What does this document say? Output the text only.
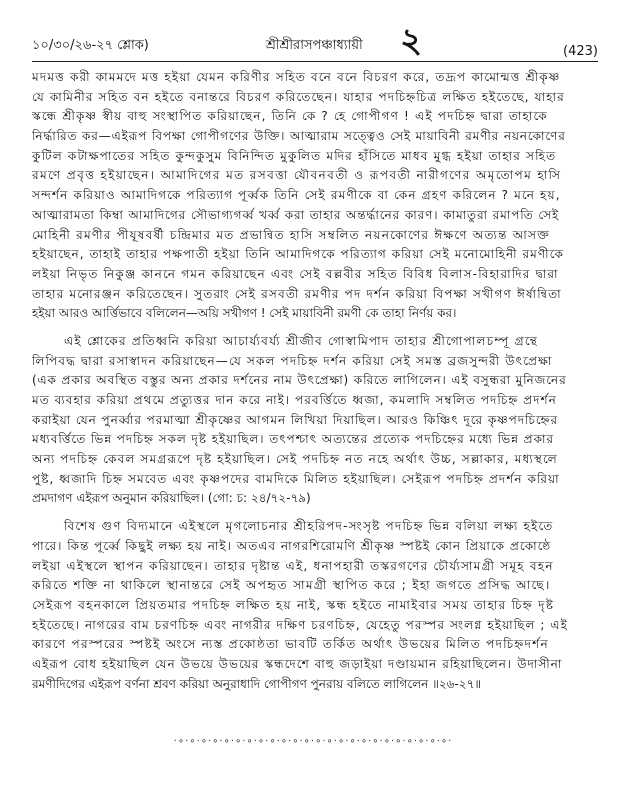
১০/৩০/২৬-২৭ শ্লোক)	শ্রীশ্রীরাসপঞ্চাধ্যায়ী ২	(423)
মদমত্ত করী কামমদে মত্ত হইয়া যেমন করিণীর সহিত বনে বনে বিচরণ করে, তদ্রূপ কামোন্মত্ত শ্রীকৃষ্ণ
যে কামিনীর সহিত বন হইতে বনান্তরে বিচরণ করিতেছেন। যাহার পদচিহ্নচিত্র লক্ষিত হইতেছে, যাহার
স্কন্ধে শ্রীকৃষ্ণ স্বীয় বাহু সংস্থাপিত করিয়াছেন, তিনি কে ? হে গোপীগণ ! এই পদচিহ্ন দ্বারা তাহাকে
নির্দ্ধারিত কর—এইরূপ বিপক্ষা গোপীগণের উক্তি। আত্মারাম সত্ত্বেও সেই মায়াবিনী রমণীর নয়নকোণের
কুটিল কটাক্ষপাতের সহিত কুন্দকুসুম বিনিন্দিত মুকুলিত মদির হাঁসিতে মাধব মুগ্ধ হইয়া তাহার সহিত
রমণে প্রবৃত্ত হইয়াছেন। আমাদিগের মত রসবত্তা যৌবনবতী ও রূপবতী নারীগণের অমৃতোপম হাসি
সন্দর্শন করিয়াও আমাদিগকে পরিত্যাগ পূর্ব্বক তিনি সেই রমণীকে বা কেন গ্রহণ করিলেন ? মনে হয়,
আত্মারামতা কিম্বা আমাদিগের সৌভাগ্যগর্ব্ব খর্ব্ব করা তাহার অন্তর্দ্ধানের কারণ। কামাতুরা রমাপতি সেই
মোহিনী রমণীর পীযূষবর্ষী চন্দ্রিমার মত প্রভান্বিত হাসি সম্বলিত নয়নকোণের ঈক্ষণে অত্যন্ত আসক্ত
হইয়াছেন, তাহাই তাহার পক্ষপাতী হইয়া তিনি আমাদিগকে পরিত্যাগ করিয়া সেই মনোমোহিনী রমণীকে
লইয়া নিভৃত নিকুঞ্জ কাননে গমন করিয়াছেন এবং সেই বল্লবীর সহিত বিবিধ বিলাস-বিহারাদির দ্বারা
তাহার মনোরঞ্জন করিতেছেন। সুতরাং সেই রসবতী রমণীর পদ দর্শন করিয়া বিপক্ষা সখীগণ ঈর্ষান্বিতা
হইয়া আরও আর্ত্তিভাবে বলিলেন—অয়ি সখীগণ ! সেই মায়াবিনী রমণী কে তাহা নির্ণয় কর।
এই শ্লোকের প্রতিধ্বনি করিয়া আচার্য্যবর্য্য শ্রীজীব গোস্বামিপাদ তাহার শ্রীগোপালচম্পূ গ্রন্থে
লিপিবদ্ধ দ্বারা রসাস্বাদন করিয়াছেন—যে সকল পদচিহ্ন দর্শন করিয়া সেই সমস্ত ব্রজসুন্দরী উৎপ্রেক্ষা
(এক প্রকার অবস্থিত বস্তুর অন্য প্রকার দর্শনের নাম উৎপ্রেক্ষা) করিতে লাগিলেন। এই বসুন্ধরা মুনিজনের
মত ব্যবহার করিয়া প্রথমে প্রত্যুত্তর দান করে নাই। পরবর্ত্তিতে ধ্বজা, কমলাদি সম্বলিত পদচিহ্ন প্রদর্শন
করাইয়া যেন পুনর্ব্বার পরমাত্মা শ্রীকৃষ্ণের আগমন লিখিয়া দিয়াছিল। আরও কিঞ্চিৎ দূরে কৃষ্ণপদচিহ্নের
মধ্যবর্ত্তিতে ভিন্ন পদচিহ্ন সকল দৃষ্ট হইয়াছিল। তৎপশ্চাৎ অত্যন্তের প্রত্যেক পদচিহ্নের মধ্যে ভিন্ন প্রকার
অন্য পদচিহ্ন কেবল সমগ্ররূপে দৃষ্ট হইয়াছিল। সেই পদচিহ্ন নত নহে অর্থাৎ উচ্চ, সল্লাকার, মধ্যস্থলে
পুষ্ট, ধ্বজাদি চিহ্ন সমবেত এবং কৃষ্ণপদের বামদিকে মিলিত হইয়াছিল। সেইরূপ পদচিহ্ন প্রদর্শন করিয়া
প্রমদাগণ এইরূপ অনুমান করিয়াছিল। (গো: চ: ২৪/৭২-৭৯)
বিশেষ গুণ বিদ্যমানে এইস্থলে মৃগলোচনার শ্রীহরিপদ-সংসৃষ্ট পদচিহ্ন ভিন্ন বলিয়া লক্ষ্য হইতে
পারে। কিন্ত পূর্ব্বে কিছুই লক্ষ্য হয় নাই। অতএব নাগরশিরোমণি শ্রীকৃষ্ণ স্পষ্টই কোন প্রিয়াকে প্রকোষ্ঠে
লইয়া এইস্থলে স্থাপন করিয়াছেন। তাহার দৃষ্টান্ত এই, ধনাপহারী তস্করগণের চৌর্য্যসামগ্রী সমূহ বহন
করিতে শক্তি না থাকিলে স্থানান্তরে সেই অপহৃত সামগ্রী স্থাপিত করে ; ইহা জগতে প্রসিদ্ধ আছে।
সেইরূপ বহনকালে প্রিয়তমার পদচিহ্ন লক্ষিত হয় নাই, স্কন্ধ হইতে নামাইবার সময় তাহার চিহ্ন দৃষ্ট
হইতেছে। নাগরের বাম চরণচিহ্ন এবং নাগরীর দক্ষিণ চরণচিহ্ন, যেহেতু পরস্পর সংলগ্ন হইয়াছিল ; এই
কারণে পরস্পরের স্পষ্টই অংসে ন্যস্ত প্রকোষ্ঠতা ভাবটি তর্কিত অর্থাৎ উভয়ের মিলিত পদচিহ্নদর্শন
এইরূপ বোধ হইয়াছিল যেন উভয়ে উভয়ের স্কন্ধদেশে বাহু জড়াইয়া দণ্ডায়মান রহিয়াছিলেন। উদাসীনা
রমণীদিগের এইরূপ বর্ণনা শ্রবণ করিয়া অনুরাধাদি গোপীগণ পুনরায় বলিতে লাগিলেন ॥২৬-২৭॥
·∘·∘·∘·∘·∘·∘·∘·∘·∘·∘·∘·∘·∘·∘·∘·∘·∘·∘·∘·∘·∘·∘·∘·∘·
